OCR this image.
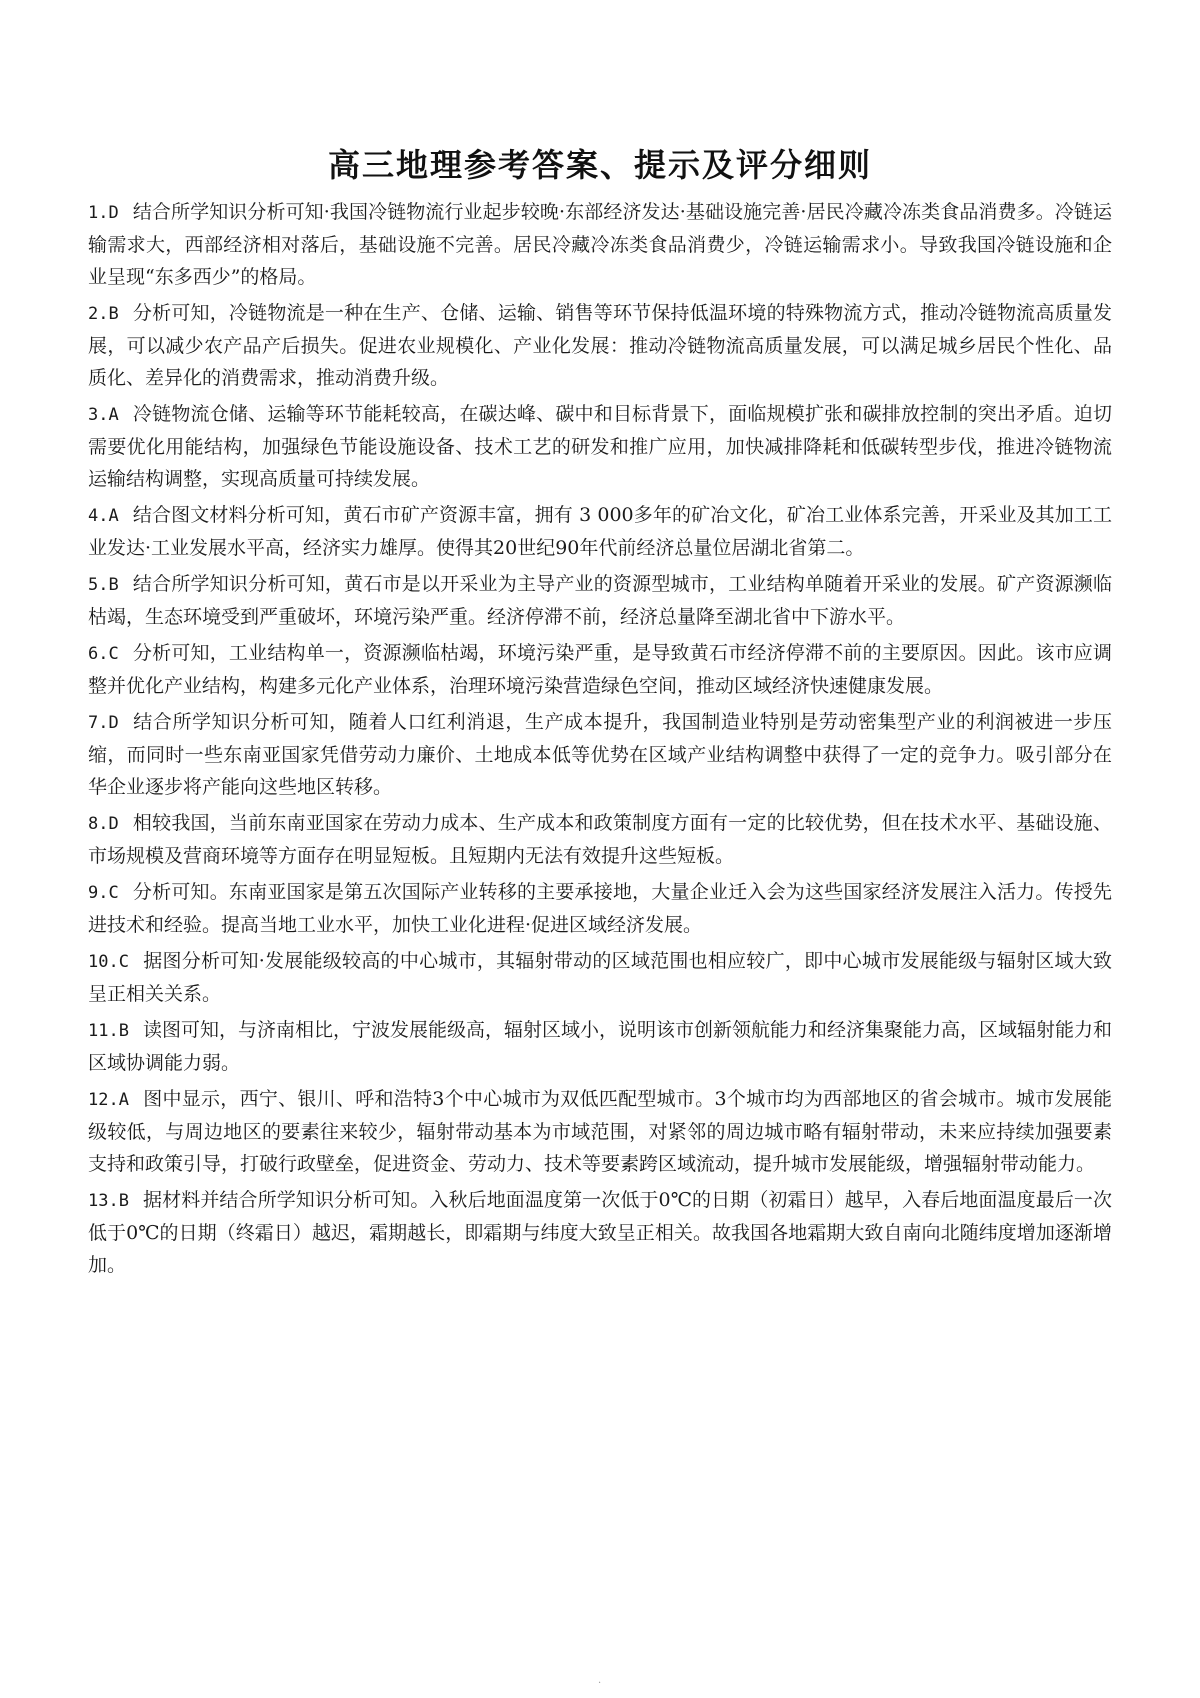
高三地理参考答案、提示及评分细则

1.D 结合所学知识分析可知·我国冷链物流行业起步较晚·东部经济发达·基础设施完善·居民冷藏冷冻类食品消费多。冷链运输需求大，西部经济相对落后，基础设施不完善。居民冷藏冷冻类食品消费少，冷链运输需求小。导致我国冷链设施和企业呈现“东多西少”的格局。

2.B 分析可知，冷链物流是一种在生产、仓储、运输、销售等环节保持低温环境的特殊物流方式，推动冷链物流高质量发展，可以减少农产品产后损失。促进农业规模化、产业化发展：推动冷链物流高质量发展，可以满足城乡居民个性化、品质化、差异化的消费需求，推动消费升级。

3.A 冷链物流仓储、运输等环节能耗较高，在碳达峰、碳中和目标背景下，面临规模扩张和碳排放控制的突出矛盾。迫切需要优化用能结构，加强绿色节能设施设备、技术工艺的研发和推广应用，加快减排降耗和低碳转型步伐，推进冷链物流运输结构调整，实现高质量可持续发展。

4.A 结合图文材料分析可知，黄石市矿产资源丰富，拥有 3 000多年的矿冶文化，矿冶工业体系完善，开采业及其加工工业发达·工业发展水平高，经济实力雄厚。使得其20世纪90年代前经济总量位居湖北省第二。

5.B 结合所学知识分析可知，黄石市是以开采业为主导产业的资源型城市，工业结构单随着开采业的发展。矿产资源濒临枯竭，生态环境受到严重破坏，环境污染严重。经济停滞不前，经济总量降至湖北省中下游水平。

6.C 分析可知，工业结构单一，资源濒临枯竭，环境污染严重，是导致黄石市经济停滞不前的主要原因。因此。该市应调整并优化产业结构，构建多元化产业体系，治理环境污染营造绿色空间，推动区域经济快速健康发展。

7.D 结合所学知识分析可知，随着人口红利消退，生产成本提升，我国制造业特别是劳动密集型产业的利润被进一步压缩，而同时一些东南亚国家凭借劳动力廉价、土地成本低等优势在区域产业结构调整中获得了一定的竞争力。吸引部分在华企业逐步将产能向这些地区转移。

8.D 相较我国，当前东南亚国家在劳动力成本、生产成本和政策制度方面有一定的比较优势，但在技术水平、基础设施、市场规模及营商环境等方面存在明显短板。且短期内无法有效提升这些短板。

9.C 分析可知。东南亚国家是第五次国际产业转移的主要承接地，大量企业迁入会为这些国家经济发展注入活力。传授先进技术和经验。提高当地工业水平，加快工业化进程·促进区域经济发展。

10.C 据图分析可知·发展能级较高的中心城市，其辐射带动的区域范围也相应较广，即中心城市发展能级与辐射区域大致呈正相关关系。

11.B 读图可知，与济南相比，宁波发展能级高，辐射区域小，说明该市创新领航能力和经济集聚能力高，区域辐射能力和区域协调能力弱。

12.A 图中显示，西宁、银川、呼和浩特3个中心城市为双低匹配型城市。3个城市均为西部地区的省会城市。城市发展能级较低，与周边地区的要素往来较少，辐射带动基本为市域范围，对紧邻的周边城市略有辐射带动，未来应持续加强要素支持和政策引导，打破行政壁垒，促进资金、劳动力、技术等要素跨区域流动，提升城市发展能级，增强辐射带动能力。

13.B 据材料并结合所学知识分析可知。入秋后地面温度第一次低于0℃的日期（初霜日）越早，入春后地面温度最后一次低于0℃的日期（终霜日）越迟，霜期越长，即霜期与纬度大致呈正相关。故我国各地霜期大致自南向北随纬度增加逐渐增加。

.
